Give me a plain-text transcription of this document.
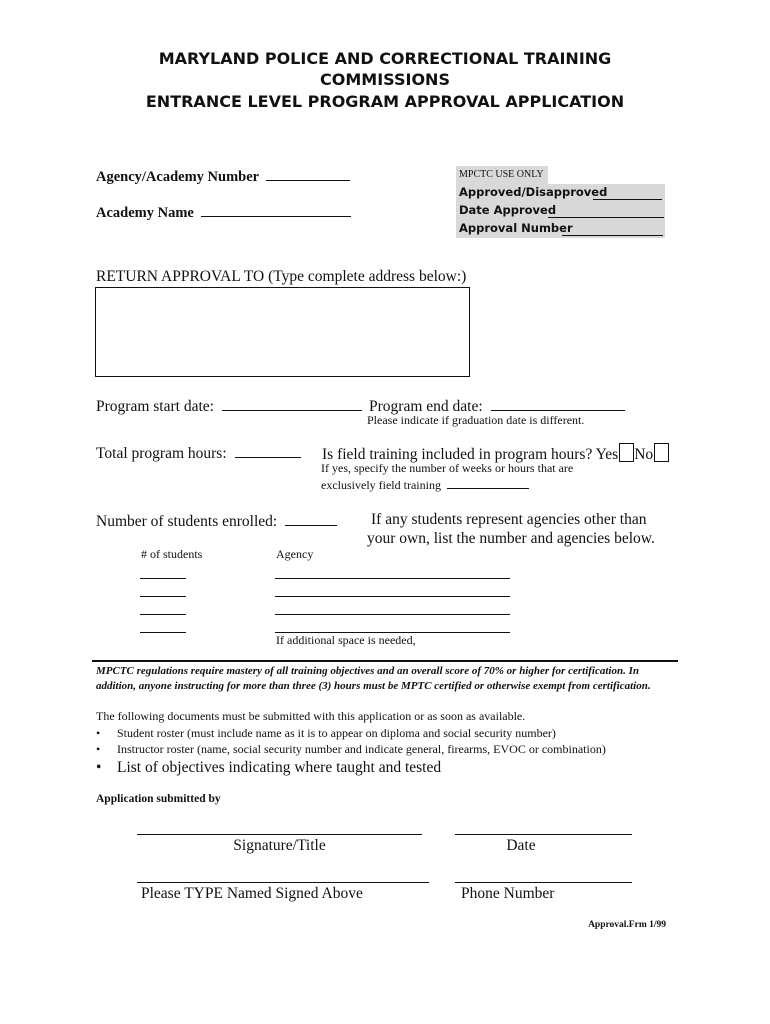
MARYLAND POLICE AND CORRECTIONAL TRAINING
COMMISSIONS
ENTRANCE LEVEL PROGRAM APPROVAL APPLICATION
Agency/Academy Number
Academy Name
MPCTC USE ONLY
Approved/Disapproved
Date Approved
Approval Number
RETURN APPROVAL TO (Type complete address below:)
Program start date:	Program end date:
Please indicate if graduation date is different.
Total program hours:	Is field training included in program hours? Yes No
If yes, specify the number of weeks or hours that are
exclusively field training
Number of students enrolled:	If any students represent agencies other than
your own, list the number and agencies below.
# of students	Agency
If additional space is needed,
MPCTC regulations require mastery of all training objectives and an overall score of 70% or higher for certification. In addition, anyone instructing for more than three (3) hours must be MPTC certified or otherwise exempt from certification.
The following documents must be submitted with this application or as soon as available.
• Student roster (must include name as it is to appear on diploma and social security number)
• Instructor roster (name, social security number and indicate general, firearms, EVOC or combination)
• List of objectives indicating where taught and tested
Application submitted by
Signature/Title	Date
Please TYPE Named Signed Above	Phone Number
Approval.Frm 1/99
